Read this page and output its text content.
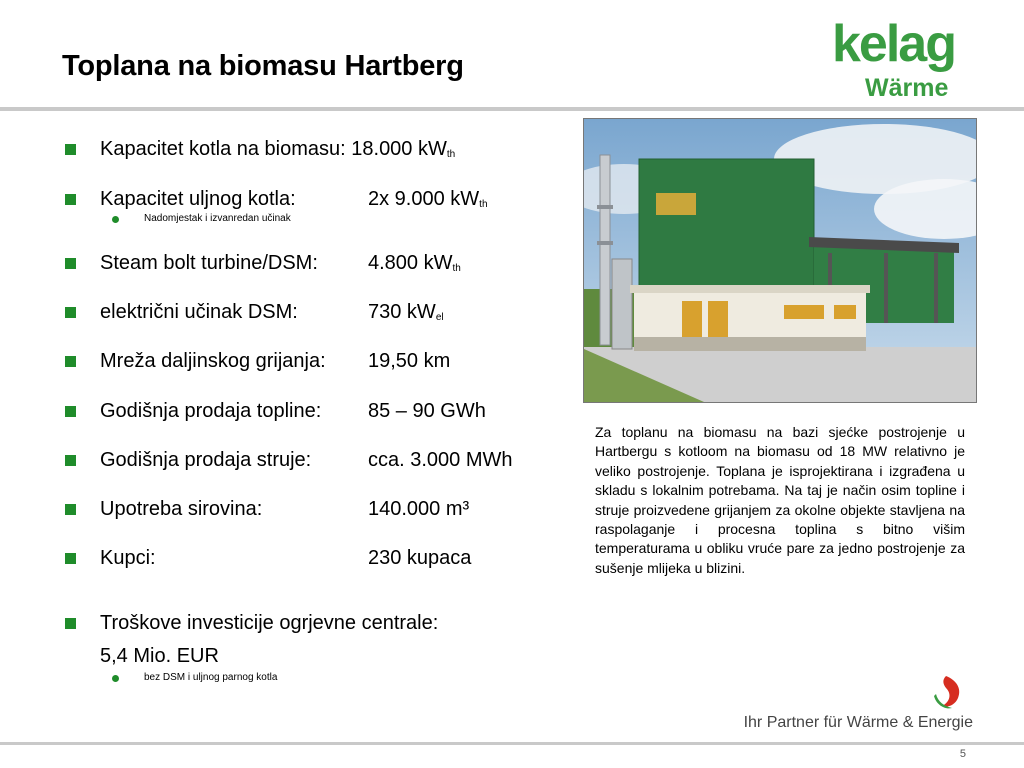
Toplana na biomasu Hartberg	kelag
Wärme
Kapacitet kotla na biomasu: 18.000 $kW_{th}$
Kapacitet uljnog kotla:	2x 9.000 $kW_{th}$
Nadomjestak i izvanredan učinak
Steam bolt turbine/DSM:	4.800 $kW_{th}$
električni učinak DSM:	730 $kW_{el}$
Mreža daljinskog grijanja: 19,50 km
Godišnja prodaja topline: 85 – 90 GWh
Godišnja prodaja struje:	cca. 3.000 MWh
Upotreba sirovina:	140.000 m³
Kupci:	230 kupaca
Troškove investicije ogrjevne centrale:
5,4 Mio. EUR
bez DSM i uljnog parnog kotla
Za toplanu na biomasu na bazi sjećke postrojenje u Hartbergu s kotloom na biomasu od 18 MW relativno je veliko postrojenje. Toplana je isprojektirana i izgrađena u skladu s lokalnim potrebama. Na taj je način osim topline i struje proizvedene grijanjem za okolne objekte stavljena na raspolaganje i procesna toplina s bitno višim temperaturama u obliku vruće pare za jedno postrojenje za sušenje mlijeka u blizini.
Ihr Partner für Wärme & Energie
5
